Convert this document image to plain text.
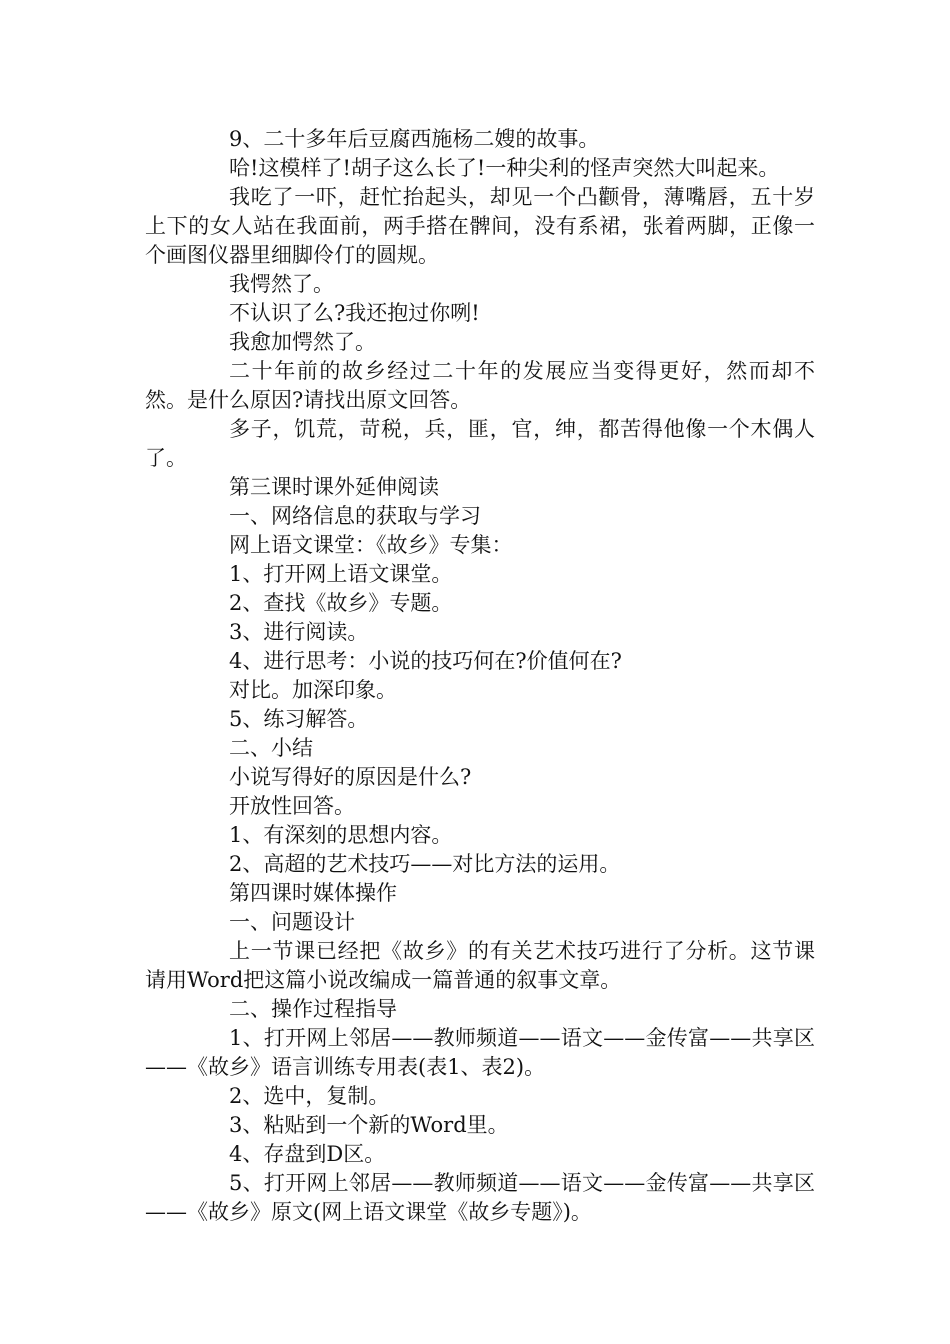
9、二十多年后豆腐西施杨二嫂的故事。

哈!这模样了!胡子这么长了!一种尖利的怪声突然大叫起来。

我吃了一吓，赶忙抬起头，却见一个凸颧骨，薄嘴唇，五十岁上下的女人站在我面前，两手搭在髀间，没有系裙，张着两脚，正像一个画图仪器里细脚伶仃的圆规。

我愕然了。

不认识了么?我还抱过你咧!

我愈加愕然了。

二十年前的故乡经过二十年的发展应当变得更好，然而却不然。是什么原因?请找出原文回答。

多子，饥荒，苛税，兵，匪，官，绅，都苦得他像一个木偶人了。

第三课时课外延伸阅读

一、网络信息的获取与学习

网上语文课堂：《故乡》专集：

1、打开网上语文课堂。

2、查找《故乡》专题。

3、进行阅读。

4、进行思考：小说的技巧何在?价值何在?

对比。加深印象。

5、练习解答。

二、小结

小说写得好的原因是什么?

开放性回答。

1、有深刻的思想内容。

2、高超的艺术技巧——对比方法的运用。

第四课时媒体操作

一、问题设计

上一节课已经把《故乡》的有关艺术技巧进行了分析。这节课请用Word把这篇小说改编成一篇普通的叙事文章。

二、操作过程指导

1、打开网上邻居——教师频道——语文——金传富——共享区——《故乡》语言训练专用表(表1、表2)。

2、选中，复制。

3、粘贴到一个新的Word里。

4、存盘到D区。

5、打开网上邻居——教师频道——语文——金传富——共享区——《故乡》原文(网上语文课堂《故乡专题》)。
